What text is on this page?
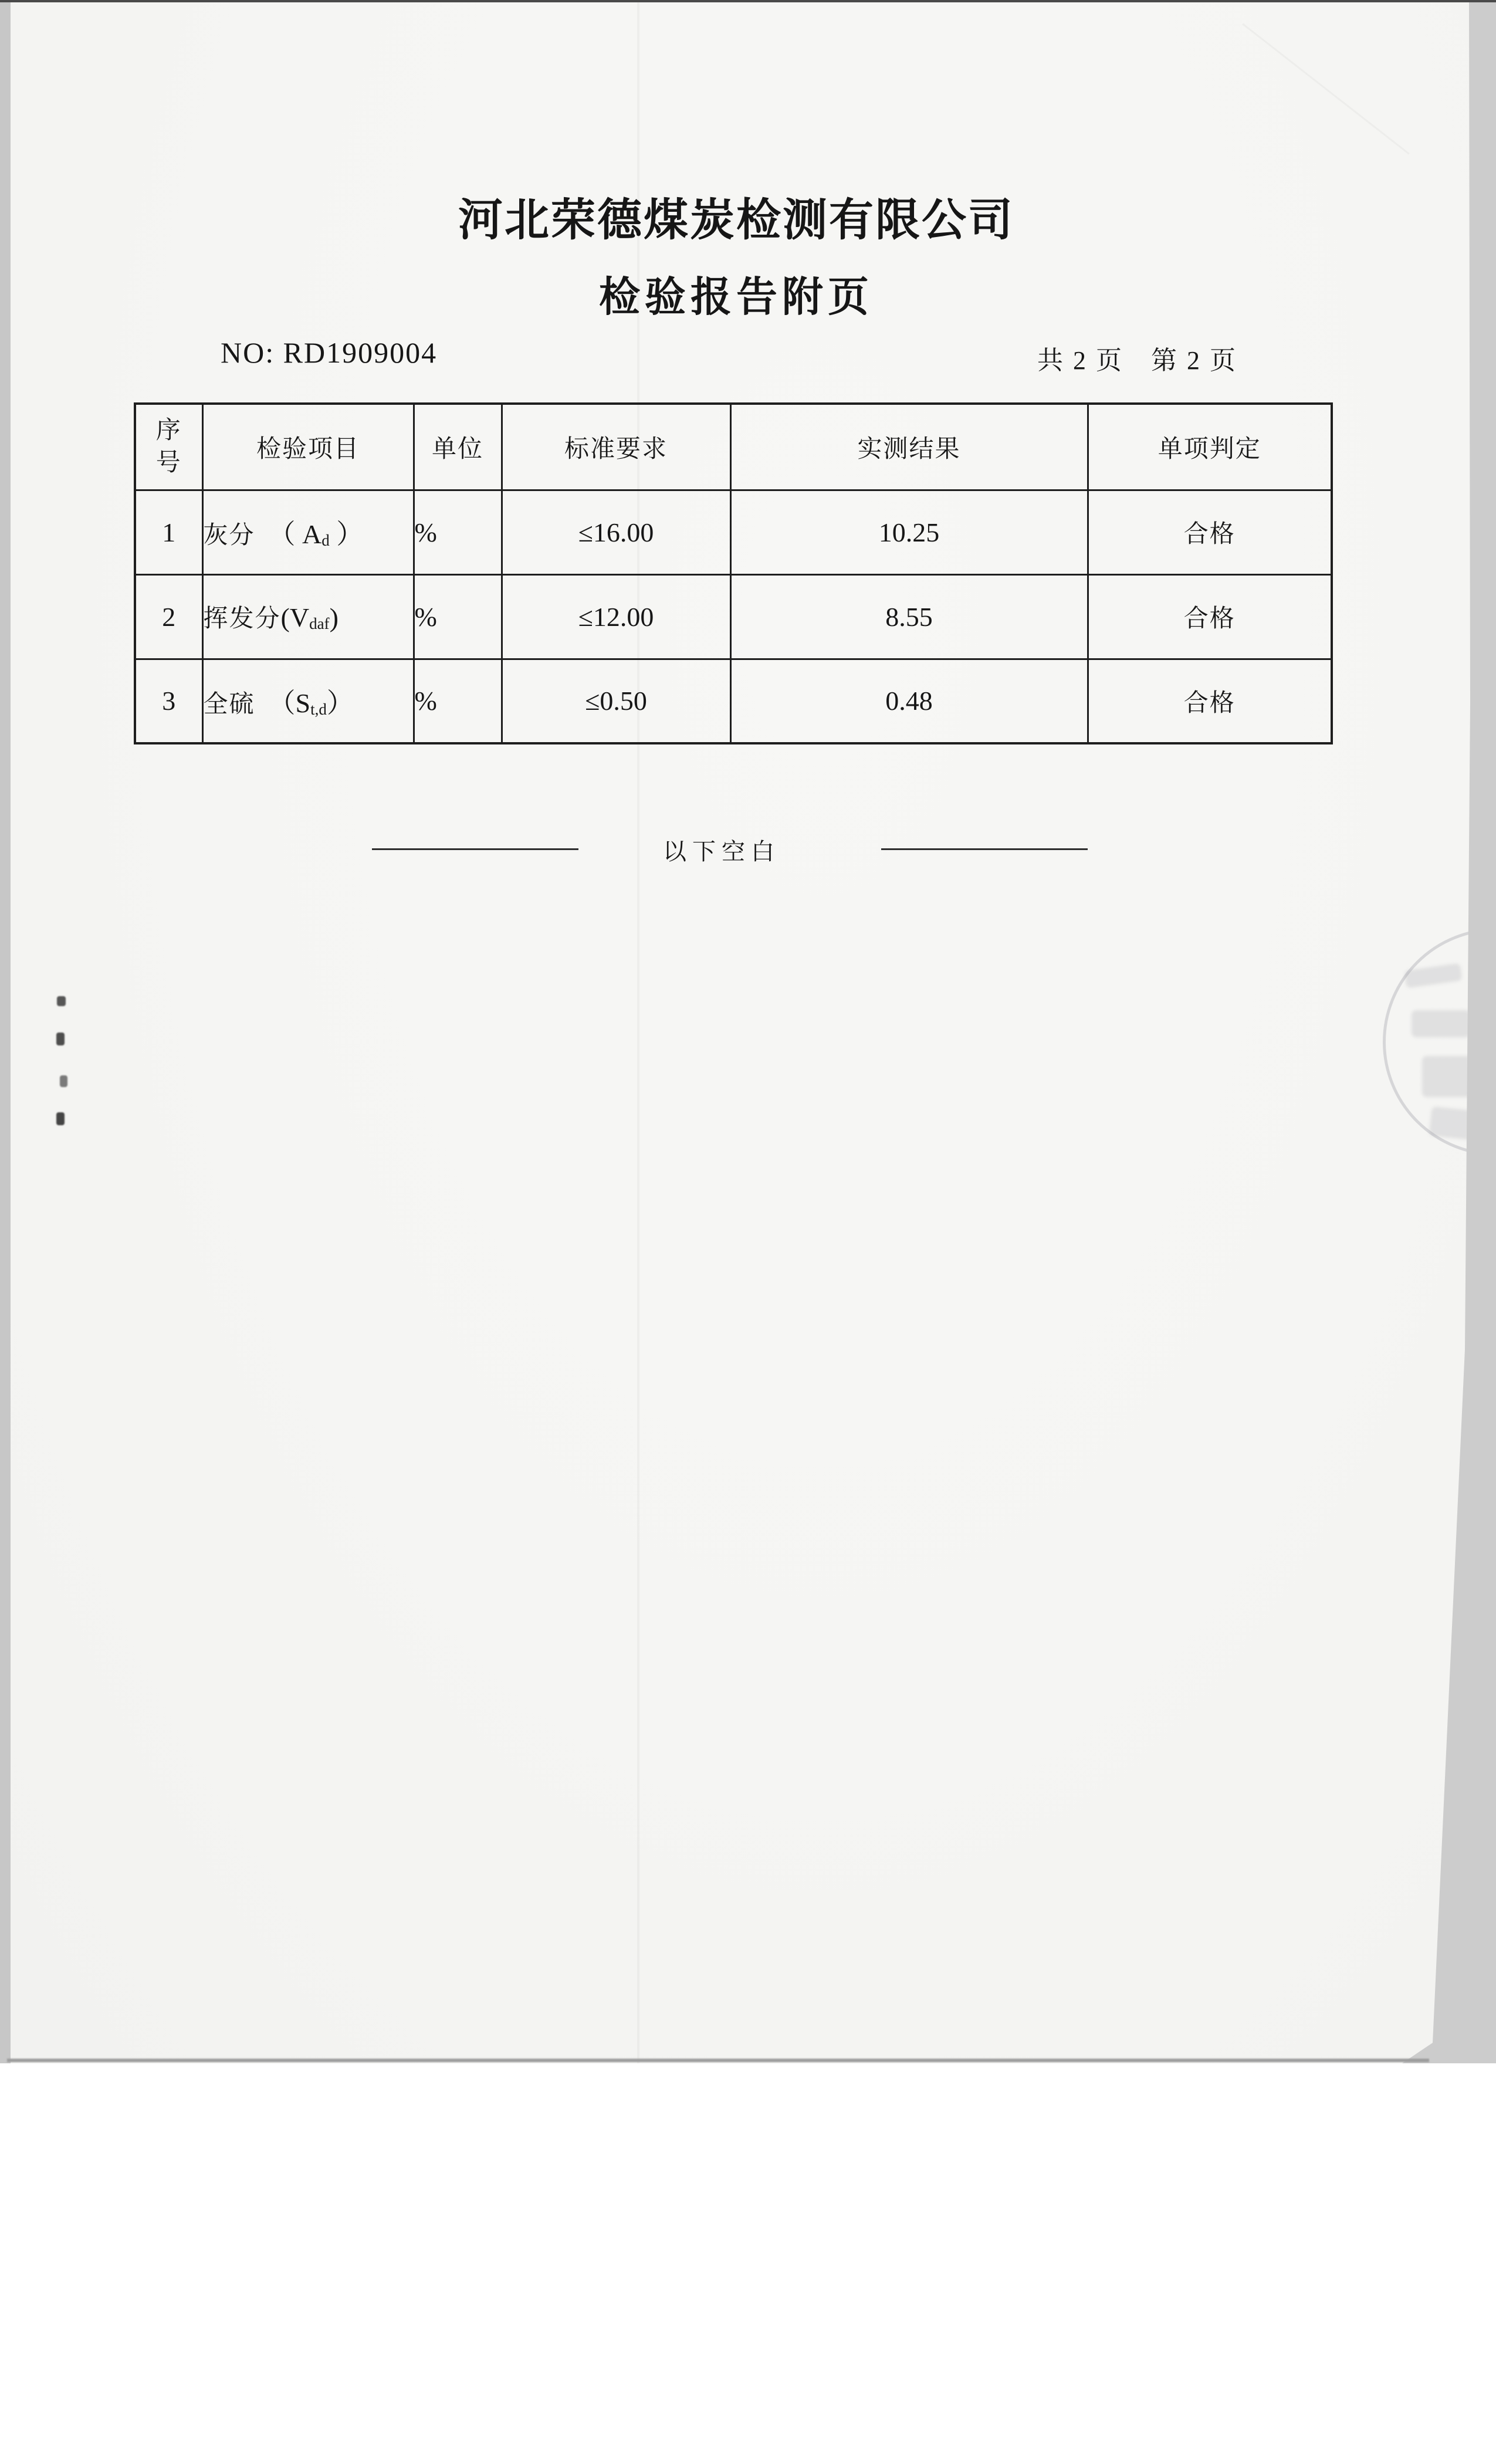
河北荣德煤炭检测有限公司
检验报告附页
NO: RD1909004	共 2 页　第 2 页
序号	检验项目	单位	标准要求	实测结果	单项判定
1	灰分　（ $A_d$ ）	%	≤16.00	10.25	合格
2	挥发分$(V_{daf})$	%	≤12.00	8.55	合格
3	全硫　$(S_{t,d})$	%	≤0.50	0.48	合格
以下空白
